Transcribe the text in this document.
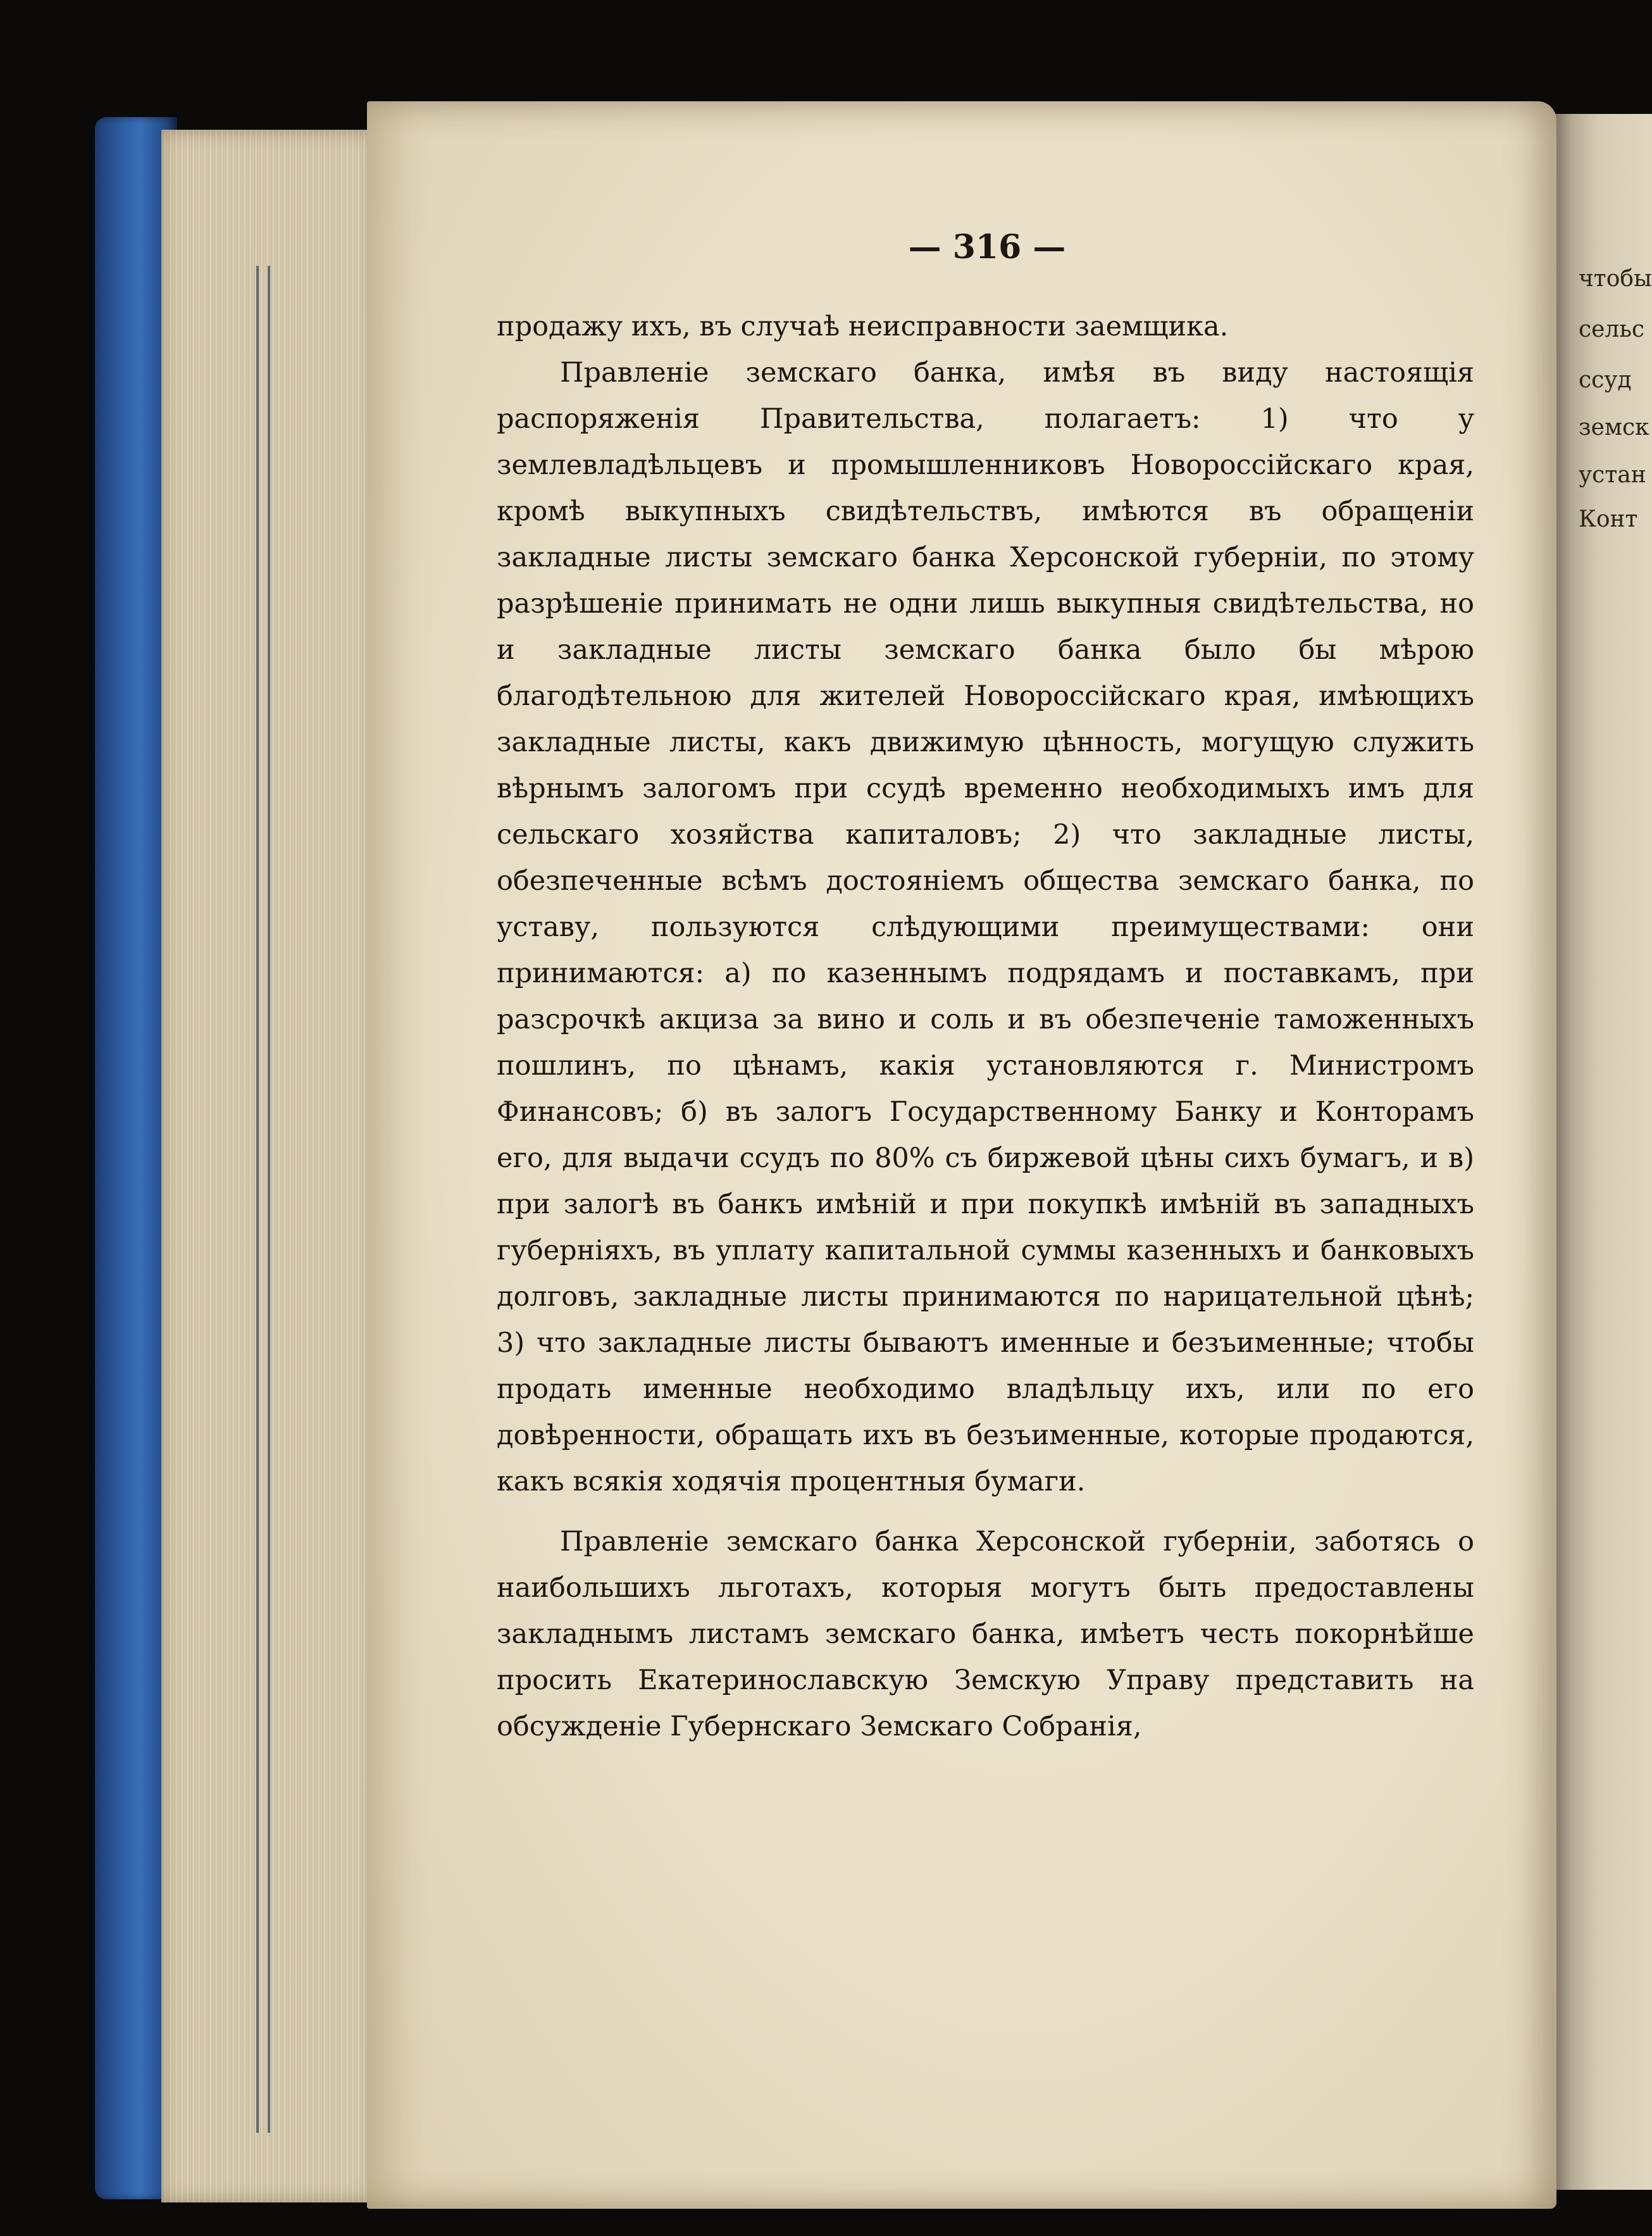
чтобы
сельс
ссуд
земск
устан
Конт
— 316 —

продажу ихъ, въ случаѣ неисправности заемщика.

Правленіе земскаго банка, имѣя въ виду настоящія распоряженія Правительства, полагаетъ: 1) что у землевладѣльцевъ и промышленниковъ Новороссійскаго края, кромѣ выкупныхъ свидѣтельствъ, имѣются въ обращеніи закладные листы земскаго банка Херсонской губерніи, по этому разрѣшеніе принимать не одни лишь выкупныя свидѣтельства, но и закладные листы земскаго банка было бы мѣрою благодѣтельною для жителей Новороссійскаго края, имѣющихъ закладные листы, какъ движимую цѣнность, могущую служить вѣрнымъ залогомъ при ссудѣ временно необходимыхъ имъ для сельскаго хозяйства капиталовъ; 2) что закладные листы, обезпеченные всѣмъ достояніемъ общества земскаго банка, по уставу, пользуются слѣдующими преимуществами: они принимаются: а) по казеннымъ подрядамъ и поставкамъ, при разсрочкѣ акциза за вино и соль и въ обезпеченіе таможенныхъ пошлинъ, по цѣнамъ, какія установляются г. Министромъ Финансовъ; б) въ залогъ Государственному Банку и Конторамъ его, для выдачи ссудъ по 80% съ биржевой цѣны сихъ бумагъ, и в) при залогѣ въ банкъ имѣній и при покупкѣ имѣній въ западныхъ губерніяхъ, въ уплату капитальной суммы казенныхъ и банковыхъ долговъ, закладные листы принимаются по нарицательной цѣнѣ; 3) что закладные листы бываютъ именные и безъименные; чтобы продать именные необходимо владѣльцу ихъ, или по его довѣренности, обращать ихъ въ безъименные, которые продаются, какъ всякія ходячія процентныя бумаги.

Правленіе земскаго банка Херсонской губерніи, заботясь о наибольшихъ льготахъ, которыя могутъ быть предоставлены закладнымъ листамъ земскаго банка, имѣетъ честь покорнѣйше просить Екатеринославскую Земскую Управу представить на обсужденіе Губернскаго Земскаго Собранія,
